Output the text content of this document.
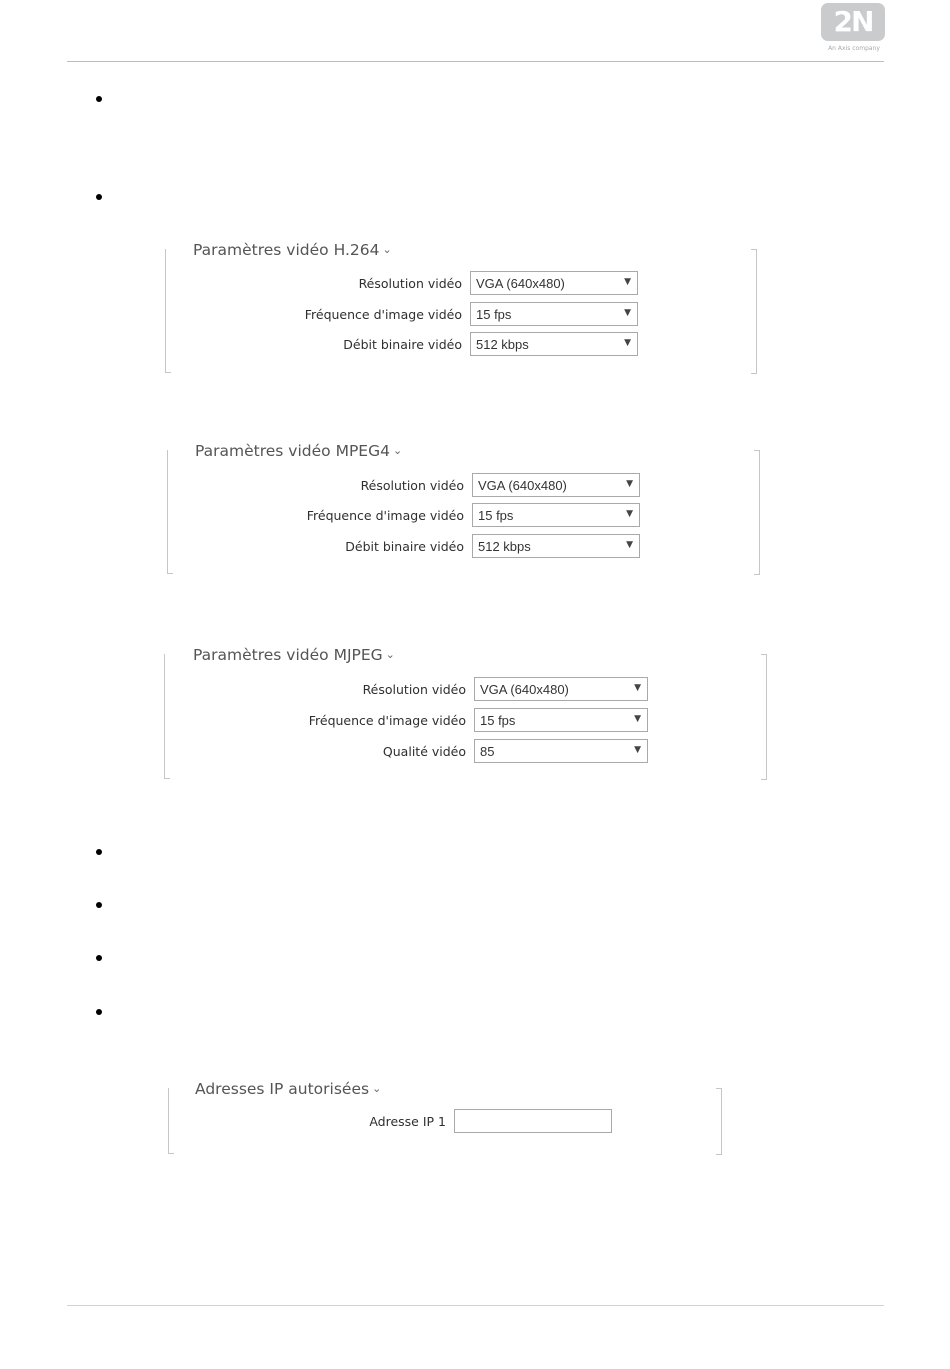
2N
An Axis company
Paramètres vidéo H.264 ⌄
Résolution vidéo VGA (640x480)	▼
Fréquence d'image vidéo 15 fps	▼
Débit binaire vidéo 512 kbps	▼
Paramètres vidéo MPEG4 ⌄
Résolution vidéo VGA (640x480)	▼
Fréquence d'image vidéo 15 fps	▼
Débit binaire vidéo 512 kbps	▼
Paramètres vidéo MJPEG ⌄
Résolution vidéo VGA (640x480)	▼
Fréquence d'image vidéo 15 fps	▼
Qualité vidéo 85	▼
Adresses IP autorisées ⌄
Adresse IP 1
